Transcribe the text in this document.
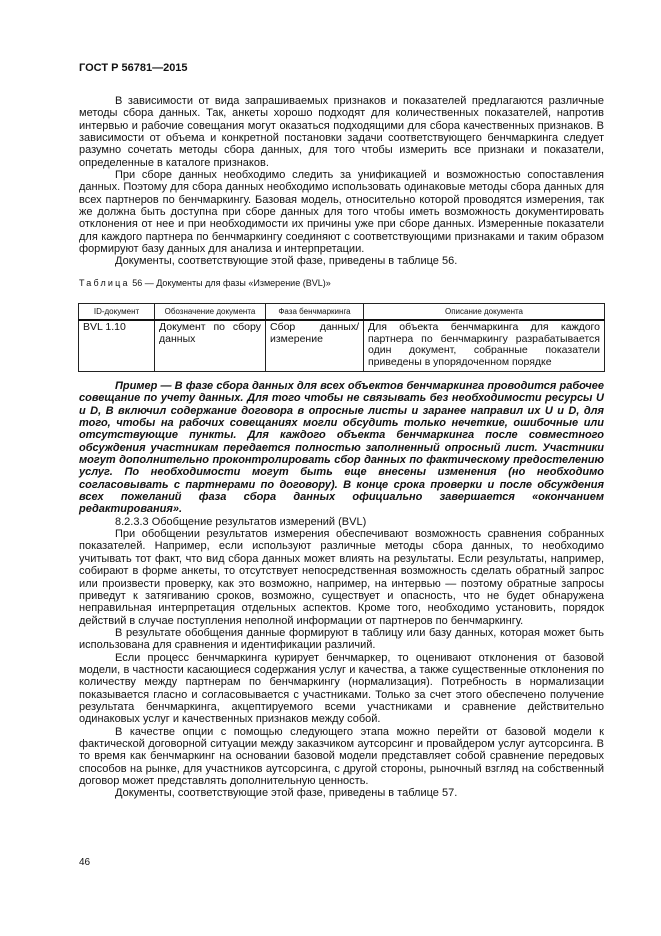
ГОСТ Р 56781—2015

В зависимости от вида запрашиваемых признаков и показателей предлагаются различные методы сбора данных. Так, анкеты хорошо подходят для количественных показателей, напротив интервью и рабочие совещания могут оказаться подходящими для сбора качественных признаков. В зависимости от объема и конкретной постановки задачи соответствующего бенчмаркинга следует разумно сочетать методы сбора данных, для того чтобы измерить все признаки и показатели, определенные в каталоге признаков.

При сборе данных необходимо следить за унификацией и возможностью сопоставления данных. Поэтому для сбора данных необходимо использовать одинаковые методы сбора данных для всех партнеров по бенчмаркингу. Базовая модель, относительно которой проводятся измерения, так же должна быть доступна при сборе данных для того чтобы иметь возможность документировать отклонения от нее и при необходимости их причины уже при сборе данных. Измеренные показатели для каждого партнера по бенчмаркингу соединяют с соответствующими признаками и таким образом формируют базу данных для анализа и интерпретации.

Документы, соответствующие этой фазе, приведены в таблице 56.

Таблица 56 — Документы для фазы «Измерение (BVL)»
ID-документ	Обозначение документа	Фаза бенчмаркинга	Описание документа
BVL 1.10	Документ по сбору данных	Сбор данных/ измерение	Для объекта бенчмаркинга для каждого партнера по бенчмаркингу разрабатывается один документ, собранные показатели приведены в упорядоченном порядке

Пример — В фазе сбора данных для всех объектов бенчмаркинга проводится рабочее совещание по учету данных. Для того чтобы не связывать без необходимости ресурсы U и D, B включил содержание договора в опросные листы и заранее направил их U и D, для того, чтобы на рабочих совещаниях могли обсудить только нечеткие, ошибочные или отсутствующие пункты. Для каждого объекта бенчмаркинга после совместного обсуждения участникам передается полностью заполненный опросный лист. Участники могут дополнительно проконтролировать сбор данных по фактическому предостелению услуг. По необходимости могут быть еще внесены изменения (но необходимо согласовывать с партнерами по договору). В конце срока проверки и после обсуждения всех пожеланий фаза сбора данных официально завершается «окончанием редактирования».

8.2.3.3 Обобщение результатов измерений (BVL)

При обобщении результатов измерения обеспечивают возможность сравнения собранных показателей. Например, если используют различные методы сбора данных, то необходимо учитывать тот факт, что вид сбора данных может влиять на результаты. Если результаты, например, собирают в форме анкеты, то отсутствует непосредственная возможность сделать обратный запрос или произвести проверку, как это возможно, например, на интервью — поэтому обратные запросы приведут к затягиванию сроков, возможно, существует и опасность, что не будет обнаружена неправильная интерпретация отдельных аспектов. Кроме того, необходимо установить, порядок действий в случае поступления неполной информации от партнеров по бенчмаркингу.

В результате обобщения данные формируют в таблицу или базу данных, которая может быть использована для сравнения и идентификации различий.

Если процесс бенчмаркинга курирует бенчмаркер, то оценивают отклонения от базовой модели, в частности касающиеся содержания услуг и качества, а также существенные отклонения по количеству между партнерам по бенчмаркингу (нормализация). Потребность в нормализации показывается гласно и согласовывается с участниками. Только за счет этого обеспечено получение результата бенчмаркинга, акцептируемого всеми участниками и сравнение действительно одинаковых услуг и качественных признаков между собой.

В качестве опции с помощью следующего этапа можно перейти от базовой модели к фактической договорной ситуации между заказчиком аутсорсинг и провайдером услуг аутсорсинга. В то время как бенчмаркинг на основании базовой модели представляет собой сравнение передовых способов на рынке, для участников аутсорсинга, с другой стороны, рыночный взгляд на собственный договор может представлять дополнительную ценность.

Документы, соответствующие этой фазе, приведены в таблице 57.

46
